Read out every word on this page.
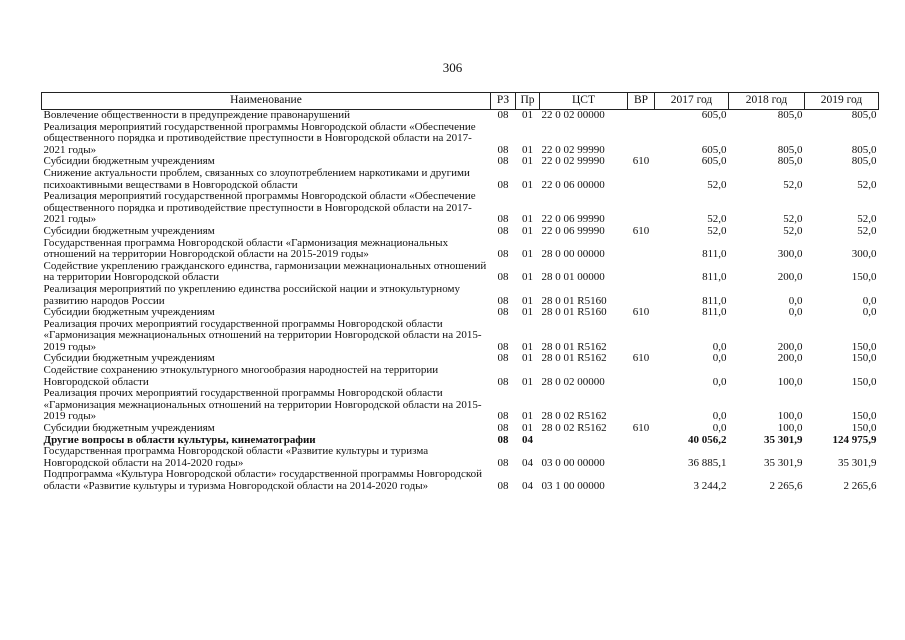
306
Наименование	РЗ	Пр	ЦСТ	ВР	2017 год	2018 год	2019 год
Вовлечение общественности в предупреждение правонарушений	08	01	22 0 02 00000		605,0	805,0	805,0
Реализация мероприятий государственной программы Новгородской области «Обеспечение общественного порядка и противодействие преступности в Новгородской области на 2017-2021 годы»	08	01	22 0 02 99990		605,0	805,0	805,0
Субсидии бюджетным учреждениям	08	01	22 0 02 99990	610	605,0	805,0	805,0
Снижение актуальности проблем, связанных со злоупотреблением наркотиками и другими психоактивными веществами в Новгородской области	08	01	22 0 06 00000		52,0	52,0	52,0
Реализация мероприятий государственной программы Новгородской области «Обеспечение общественного порядка и противодействие преступности в Новгородской области на 2017-2021 годы»	08	01	22 0 06 99990		52,0	52,0	52,0
Субсидии бюджетным учреждениям	08	01	22 0 06 99990	610	52,0	52,0	52,0
Государственная программа Новгородской области «Гармонизация межнациональных отношений на территории Новгородской области на 2015-2019 годы»	08	01	28 0 00 00000		811,0	300,0	300,0
Содействие укреплению гражданского единства, гармонизации межнациональных отношений на территории Новгородской области	08	01	28 0 01 00000		811,0	200,0	150,0
Реализация мероприятий по укреплению единства российской нации и этнокультурному развитию народов России	08	01	28 0 01 R5160		811,0	0,0	0,0
Субсидии бюджетным учреждениям	08	01	28 0 01 R5160	610	811,0	0,0	0,0
Реализация прочих мероприятий государственной программы Новгородской области «Гармонизация межнациональных отношений на территории Новгородской области на 2015-2019 годы»	08	01	28 0 01 R5162		0,0	200,0	150,0
Субсидии бюджетным учреждениям	08	01	28 0 01 R5162	610	0,0	200,0	150,0
Содействие сохранению этнокультурного многообразия народностей на территории Новгородской области	08	01	28 0 02 00000		0,0	100,0	150,0
Реализация прочих мероприятий государственной программы Новгородской области «Гармонизация межнациональных отношений на территории Новгородской области на 2015-2019 годы»	08	01	28 0 02 R5162		0,0	100,0	150,0
Субсидии бюджетным учреждениям	08	01	28 0 02 R5162	610	0,0	100,0	150,0
Другие вопросы в области культуры, кинематографии	08	04			40 056,2	35 301,9	124 975,9
Государственная программа Новгородской области «Развитие культуры и туризма Новгородской области на 2014-2020 годы»	08	04	03 0 00 00000		36 885,1	35 301,9	35 301,9
Подпрограмма «Культура Новгородской области» государственной программы Новгородской области «Развитие культуры и туризма Новгородской области на 2014-2020 годы»	08	04	03 1 00 00000		3 244,2	2 265,6	2 265,6
